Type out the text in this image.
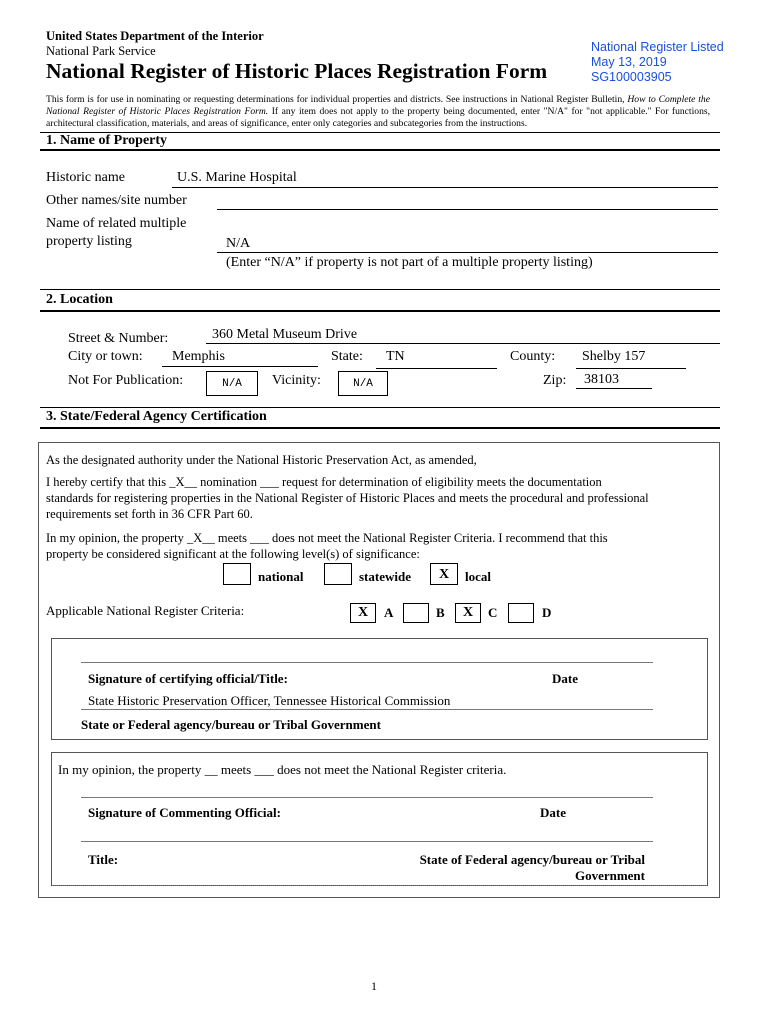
United States Department of the Interior
National Park Service
National Register of Historic Places Registration Form
National Register Listed
May 13, 2019
SG100003905
This form is for use in nominating or requesting determinations for individual properties and districts. See instructions in National Register Bulletin, How to Complete the National Register of Historic Places Registration Form. If any item does not apply to the property being documented, enter "N/A" for "not applicable." For functions, architectural classification, materials, and areas of significance, enter only categories and subcategories from the instructions.
1. Name of Property
Historic name	U.S. Marine Hospital
Other names/site number
Name of related multiple
property listing	N/A
(Enter “N/A” if property is not part of a multiple property listing)
2. Location
Street & Number:	360 Metal Museum Drive
City or town: Memphis	State: TN	County: Shelby 157
Not For Publication:	N/A	Vicinity:	N/A	Zip: 38103
3. State/Federal Agency Certification
As the designated authority under the National Historic Preservation Act, as amended,
I hereby certify that this _X__ nomination ___ request for determination of eligibility meets the documentation
standards for registering properties in the National Register of Historic Places and meets the procedural and professional
requirements set forth in 36 CFR Part 60.
In my opinion, the property _X__ meets ___ does not meet the National Register Criteria. I recommend that this
property be considered significant at the following level(s) of significance:
national	statewide	X	local
Applicable National Register Criteria:	X	A	B	X	C	D
Signature of certifying official/Title:	Date
State Historic Preservation Officer, Tennessee Historical Commission
State or Federal agency/bureau or Tribal Government
In my opinion, the property __ meets ___ does not meet the National Register criteria.
Signature of Commenting Official:	Date
Title:	State of Federal agency/bureau or Tribal
Government
1
